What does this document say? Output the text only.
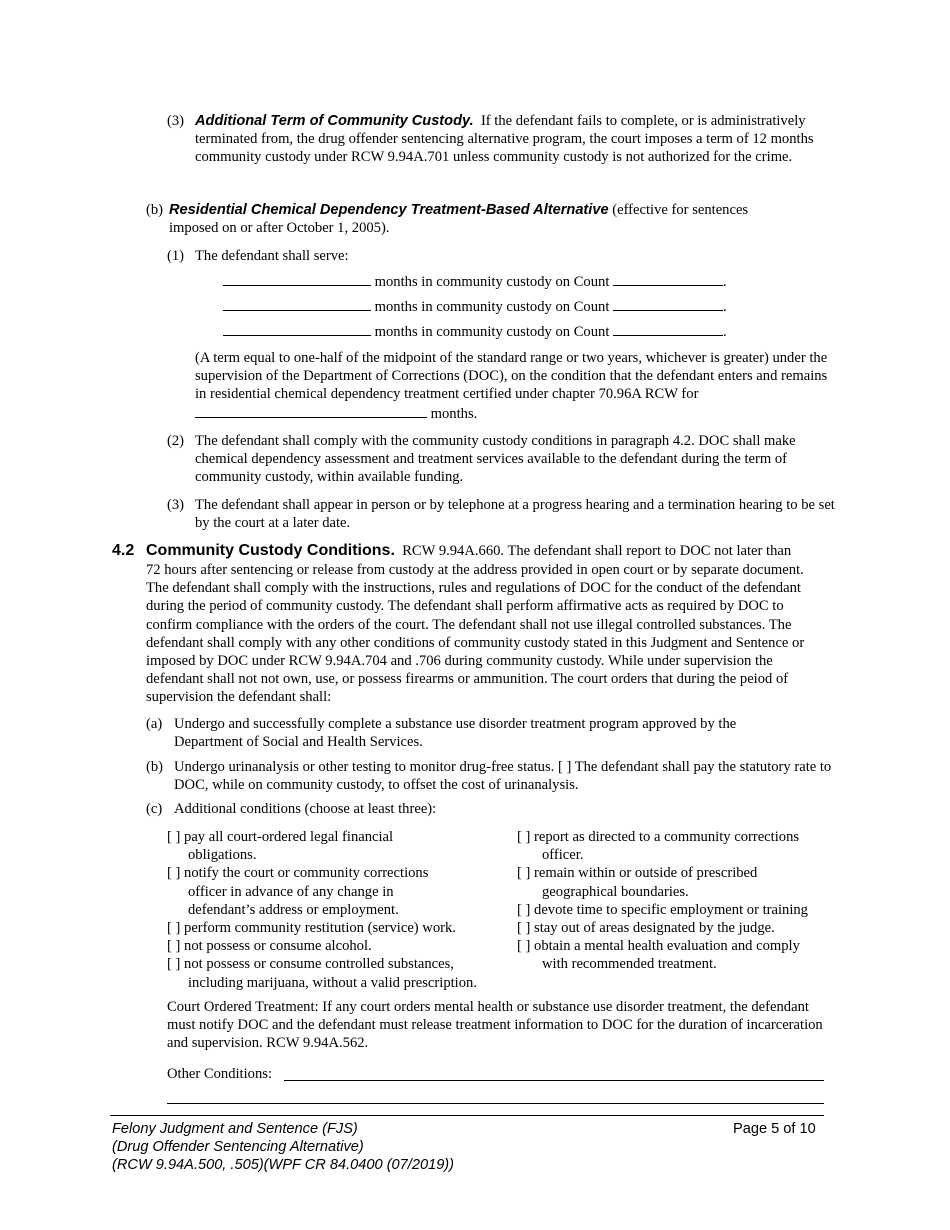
(3) Additional Term of Community Custody. If the defendant fails to complete, or is administratively terminated from, the drug offender sentencing alternative program, the court imposes a term of 12 months community custody under RCW 9.94A.701 unless community custody is not authorized for the crime.
(b) Residential Chemical Dependency Treatment-Based Alternative (effective for sentences
imposed on or after October 1, 2005).
(1) The defendant shall serve:
months in community custody on Count	.
months in community custody on Count	.
months in community custody on Count	.
(A term equal to one-half of the midpoint of the standard range or two years, whichever is greater) under the supervision of the Department of Corrections (DOC), on the condition that the defendant enters and remains in residential chemical dependency treatment certified under chapter 70.96A RCW for  months.
(2) The defendant shall comply with the community custody conditions in paragraph 4.2. DOC shall make chemical dependency assessment and treatment services available to the defendant during the term of community custody, within available funding.
(3) The defendant shall appear in person or by telephone at a progress hearing and a termination hearing to be set by the court at a later date.
4.2 Community Custody Conditions. RCW 9.94A.660. The defendant shall report to DOC not later than
72 hours after sentencing or release from custody at the address provided in open court or by separate document. The defendant shall comply with the instructions, rules and regulations of DOC for the conduct of the defendant during the period of community custody. The defendant shall perform affirmative acts as required by DOC to confirm compliance with the orders of the court. The defendant shall not use illegal controlled substances. The defendant shall comply with any other conditions of community custody stated in this Judgment and Sentence or imposed by DOC under RCW 9.94A.704 and .706 during community custody. While under supervision the defendant shall not not own, use, or possess firearms or ammunition. The court orders that during the peiod of supervision the defendant shall:
(a) Undergo and successfully complete a substance use disorder treatment program approved by the Department of Social and Health Services.
(b) Undergo urinanalysis or other testing to monitor drug-free status. [ ] The defendant shall pay the statutory rate to DOC, while on community custody, to offset the cost of urinanalysis.
(c) Additional conditions (choose at least three):
[ ] pay all court-ordered legal financial
obligations.
[ ] notify the court or community corrections
officer in advance of any change in
defendant’s address or employment.
[ ] perform community restitution (service) work.
[ ] not possess or consume alcohol.
[ ] not possess or consume controlled substances,
including marijuana, without a valid prescription.
[ ] report as directed to a community corrections
officer.
[ ] remain within or outside of prescribed
geographical boundaries.
[ ] devote time to specific employment or training
[ ] stay out of areas designated by the judge.
[ ] obtain a mental health evaluation and comply
with recommended treatment.
Court Ordered Treatment: If any court orders mental health or substance use disorder treatment, the defendant must notify DOC and the defendant must release treatment information to DOC for the duration of incarceration and supervision. RCW 9.94A.562.
Other Conditions:
Felony Judgment and Sentence (FJS)
(Drug Offender Sentencing Alternative)
(RCW 9.94A.500, .505)(WPF CR 84.0400 (07/2019))
Page 5 of 10
